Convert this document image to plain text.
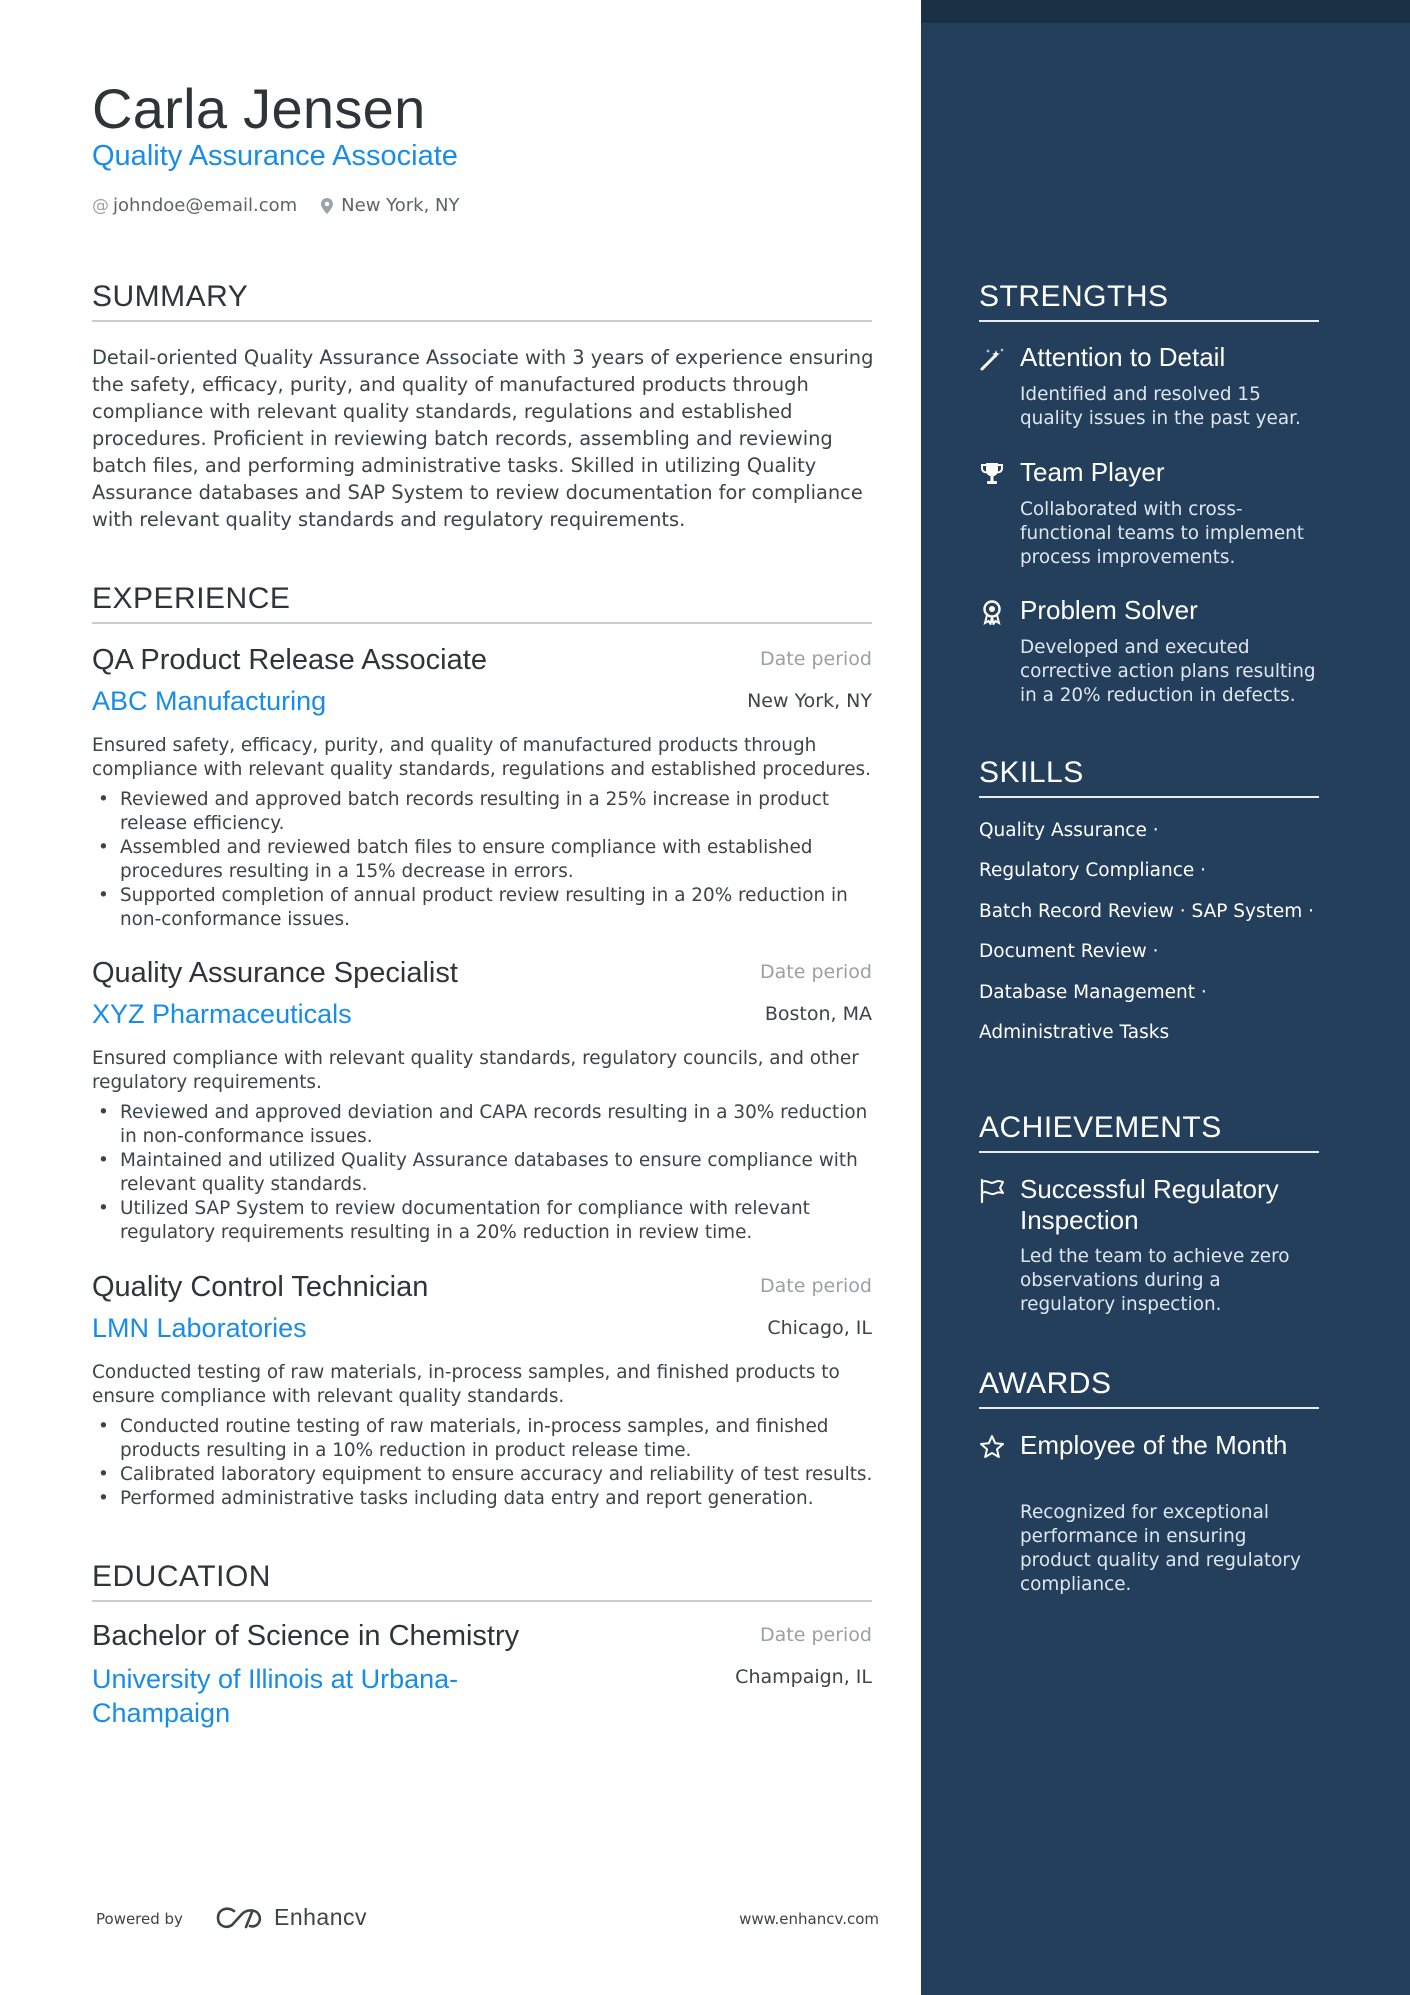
Carla Jensen
Quality Assurance Associate
@ johndoe@email.com New York, NY
SUMMARY
Detail-oriented Quality Assurance Associate with 3 years of experience ensuring the safety, efficacy, purity, and quality of manufactured products through compliance with relevant quality standards, regulations and established procedures. Proficient in reviewing batch records, assembling and reviewing batch files, and performing administrative tasks. Skilled in utilizing Quality Assurance databases and SAP System to review documentation for compliance with relevant quality standards and regulatory requirements.
EXPERIENCE
QA Product Release Associate	Date period
ABC Manufacturing	New York, NY
Ensured safety, efficacy, purity, and quality of manufactured products through compliance with relevant quality standards, regulations and established procedures.
• Reviewed and approved batch records resulting in a 25% increase in product release efficiency.
• Assembled and reviewed batch files to ensure compliance with established procedures resulting in a 15% decrease in errors.
• Supported completion of annual product review resulting in a 20% reduction in non-conformance issues.
Quality Assurance Specialist	Date period
XYZ Pharmaceuticals	Boston, MA
Ensured compliance with relevant quality standards, regulatory councils, and other regulatory requirements.
• Reviewed and approved deviation and CAPA records resulting in a 30% reduction in non-conformance issues.
• Maintained and utilized Quality Assurance databases to ensure compliance with relevant quality standards.
• Utilized SAP System to review documentation for compliance with relevant regulatory requirements resulting in a 20% reduction in review time.
Quality Control Technician	Date period
LMN Laboratories	Chicago, IL
Conducted testing of raw materials, in-process samples, and finished products to ensure compliance with relevant quality standards.
• Conducted routine testing of raw materials, in-process samples, and finished products resulting in a 10% reduction in product release time.
• Calibrated laboratory equipment to ensure accuracy and reliability of test results.
• Performed administrative tasks including data entry and report generation.
EDUCATION
Bachelor of Science in Chemistry	Date period
University of Illinois at Urbana-Champaign
Champaign, IL
Powered by	Enhancv	www.enhancv.com
STRENGTHS
Attention to Detail
Identified and resolved 15 quality issues in the past year.
Team Player
Collaborated with cross-functional teams to implement process improvements.
Problem Solver
Developed and executed corrective action plans resulting in a 20% reduction in defects.
SKILLS
Quality Assurance ·
Regulatory Compliance ·
Batch Record Review · SAP System ·
Document Review ·
Database Management ·
Administrative Tasks
ACHIEVEMENTS
Successful Regulatory Inspection
Led the team to achieve zero observations during a regulatory inspection.
AWARDS
Employee of the Month
Recognized for exceptional performance in ensuring product quality and regulatory compliance.
